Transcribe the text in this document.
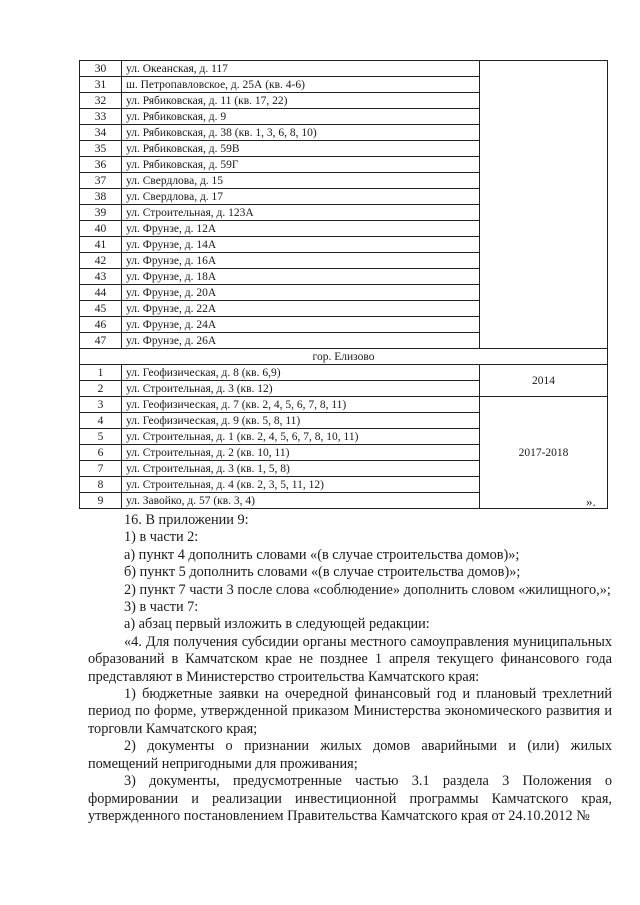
30	ул. Океанская, д. 117	
31	ш. Петропавловское, д. 25А (кв. 4-6)	
32	ул. Рябиковская, д. 11 (кв. 17, 22)	
33	ул. Рябиковская, д. 9	
34	ул. Рябиковская, д. 38 (кв. 1, 3, 6, 8, 10)	
35	ул. Рябиковская, д. 59В	
36	ул. Рябиковская, д. 59Г	
37	ул. Свердлова, д. 15	
38	ул. Свердлова, д. 17	
39	ул. Строительная, д. 123А	
40	ул. Фрунзе, д. 12А	
41	ул. Фрунзе, д. 14А	
42	ул. Фрунзе, д. 16А	
43	ул. Фрунзе, д. 18А	
44	ул. Фрунзе, д. 20А	
45	ул. Фрунзе, д. 22А	
46	ул. Фрунзе, д. 24А	
47	ул. Фрунзе, д. 26А	
гор. Елизово		
1	ул. Геофизическая, д. 8 (кв. 6,9)	2014
2	ул. Строительная, д. 3 (кв. 12)	
3	ул. Геофизическая, д. 7 (кв. 2, 4, 5, 6, 7, 8, 11)	2017-2018
4	ул. Геофизическая, д. 9 (кв. 5, 8, 11)	
5	ул. Строительная, д. 1 (кв. 2, 4, 5, 6, 7, 8, 10, 11)	
6	ул. Строительная, д. 2 (кв. 10, 11)	
7	ул. Строительная, д. 3 (кв. 1, 5, 8)	
8	ул. Строительная, д. 4 (кв. 2, 3, 5, 11, 12)	
9	ул. Завойко, д. 57 (кв. 3, 4)		».

16. В приложении 9:

1) в части 2:

а) пункт 4 дополнить словами «(в случае строительства домов)»;

б) пункт 5 дополнить словами «(в случае строительства домов)»;

2) пункт 7 части 3 после слова «соблюдение» дополнить словом «жилищного,»;

3) в части 7:

а) абзац первый изложить в следующей редакции:

«4. Для получения субсидии органы местного самоуправления муниципальных образований в Камчатском крае не позднее 1 апреля текущего финансового года представляют в Министерство строительства Камчатского края:

1) бюджетные заявки на очередной финансовый год и плановый трехлетний период по форме, утвержденной приказом Министерства экономического развития и торговли Камчатского края;

2) документы о признании жилых домов аварийными и (или) жилых помещений непригодными для проживания;

3) документы, предусмотренные частью 3.1 раздела 3 Положения о формировании и реализации инвестиционной программы Камчатского края, утвержденного постановлением Правительства Камчатского края от 24.10.2012 №
